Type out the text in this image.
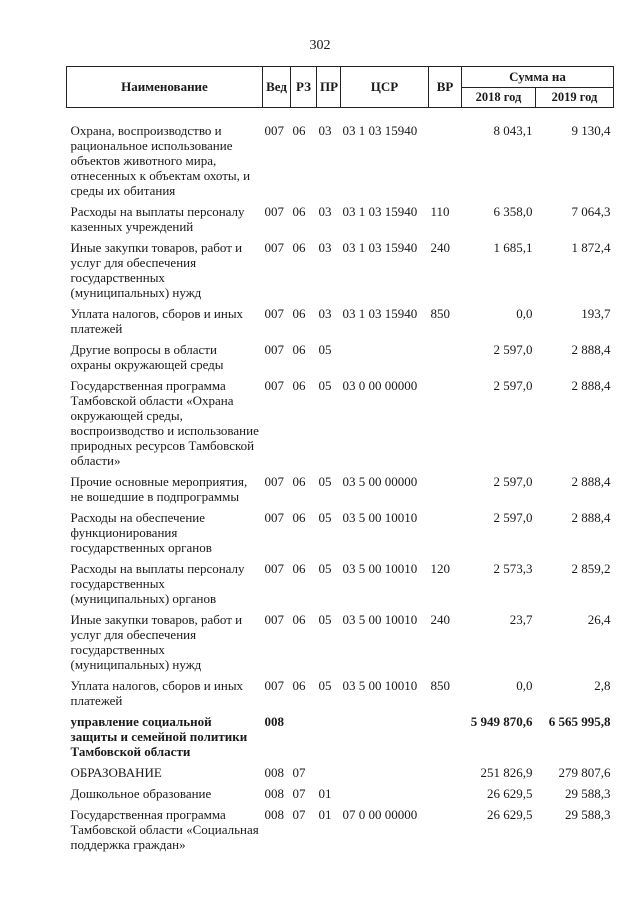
302
Наименование	Вед	РЗ	ПР	ЦСР	ВР	Сумма на	
						2018 год	2019 год

Охрана, воспроизводство и рациональное использование объектов животного мира, отнесенных к объектам охоты, и среды их обитания	007	06	03	03 1 03 15940		8 043,1	9 130,4
Расходы на выплаты персоналу казенных учреждений	007	06	03	03 1 03 15940	110	6 358,0	7 064,3
Иные закупки товаров, работ и услуг для обеспечения государственных (муниципальных) нужд	007	06	03	03 1 03 15940	240	1 685,1	1 872,4
Уплата налогов, сборов и иных платежей	007	06	03	03 1 03 15940	850	0,0	193,7
Другие вопросы в области охраны окружающей среды	007	06	05			2 597,0	2 888,4
Государственная программа Тамбовской области «Охрана окружающей среды, воспроизводство и использование природных ресурсов Тамбовской области»	007	06	05	03 0 00 00000		2 597,0	2 888,4
Прочие основные мероприятия, не вошедшие в подпрограммы	007	06	05	03 5 00 00000		2 597,0	2 888,4
Расходы на обеспечение функционирования государственных органов	007	06	05	03 5 00 10010		2 597,0	2 888,4
Расходы на выплаты персоналу государственных (муниципальных) органов	007	06	05	03 5 00 10010	120	2 573,3	2 859,2
Иные закупки товаров, работ и услуг для обеспечения государственных (муниципальных) нужд	007	06	05	03 5 00 10010	240	23,7	26,4
Уплата налогов, сборов и иных платежей	007	06	05	03 5 00 10010	850	0,0	2,8
управление социальной защиты и семейной политики Тамбовской области	008					5 949 870,6	6 565 995,8
ОБРАЗОВАНИЕ	008	07				251 826,9	279 807,6
Дошкольное образование	008	07	01			26 629,5	29 588,3
Государственная программа Тамбовской области «Социальная поддержка граждан»	008	07	01	07 0 00 00000		26 629,5	29 588,3
